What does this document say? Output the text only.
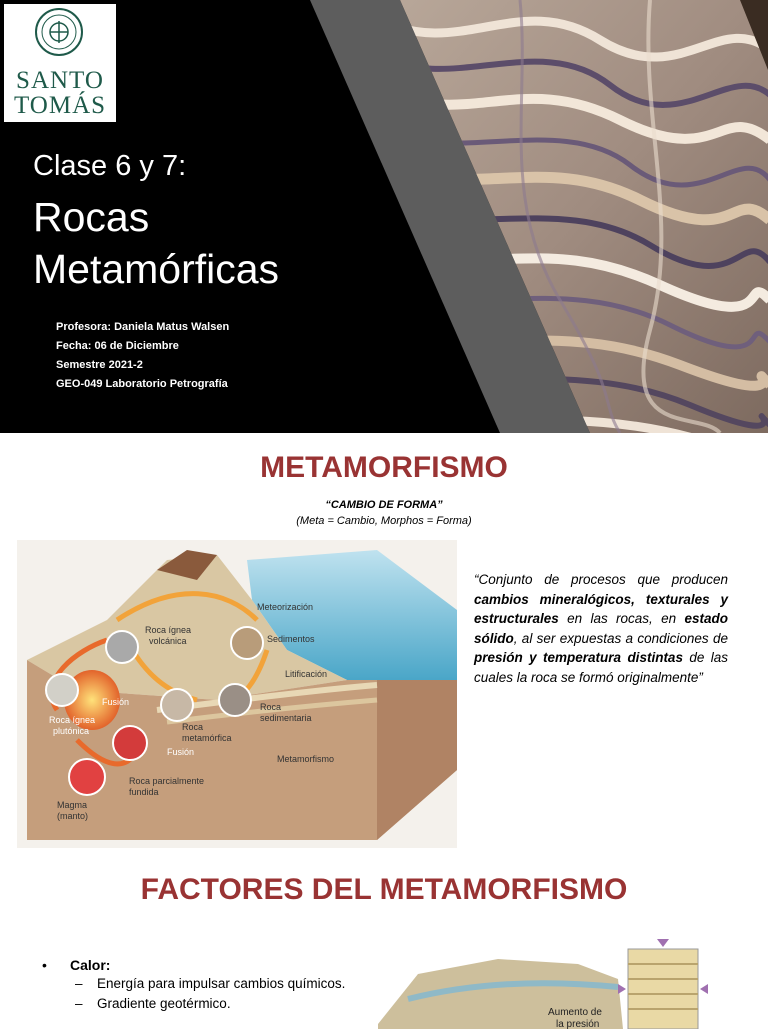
SANTO
TOMÁS
Clase 6 y 7:
Rocas
Metamórficas
Profesora: Daniela Matus Walsen
Fecha: 06 de Diciembre
Semestre 2021-2
GEO-049 Laboratorio Petrografía
METAMORFISMO
“CAMBIO DE FORMA”
(Meta = Cambio, Morphos = Forma)
Roca ígnea
volcánica
Meteorización
Sedimentos
Litificación
Roca
sedimentaria
Fusión
Roca ígnea
plutónica	Roca
metamórfica
Fusión
Metamorfismo
Roca parcialmente
fundida
Magma
(manto)
“Conjunto de procesos que producen cambios mineralógicos, texturales y estructurales en las rocas, en estado sólido, al ser expuestas a condiciones de presión y temperatura distintas de las cuales la roca se formó originalmente”
FACTORES DEL METAMORFISMO
• Calor:
– Energía para impulsar cambios químicos.
– Gradiente geotérmico.
Aumento de
la presión
